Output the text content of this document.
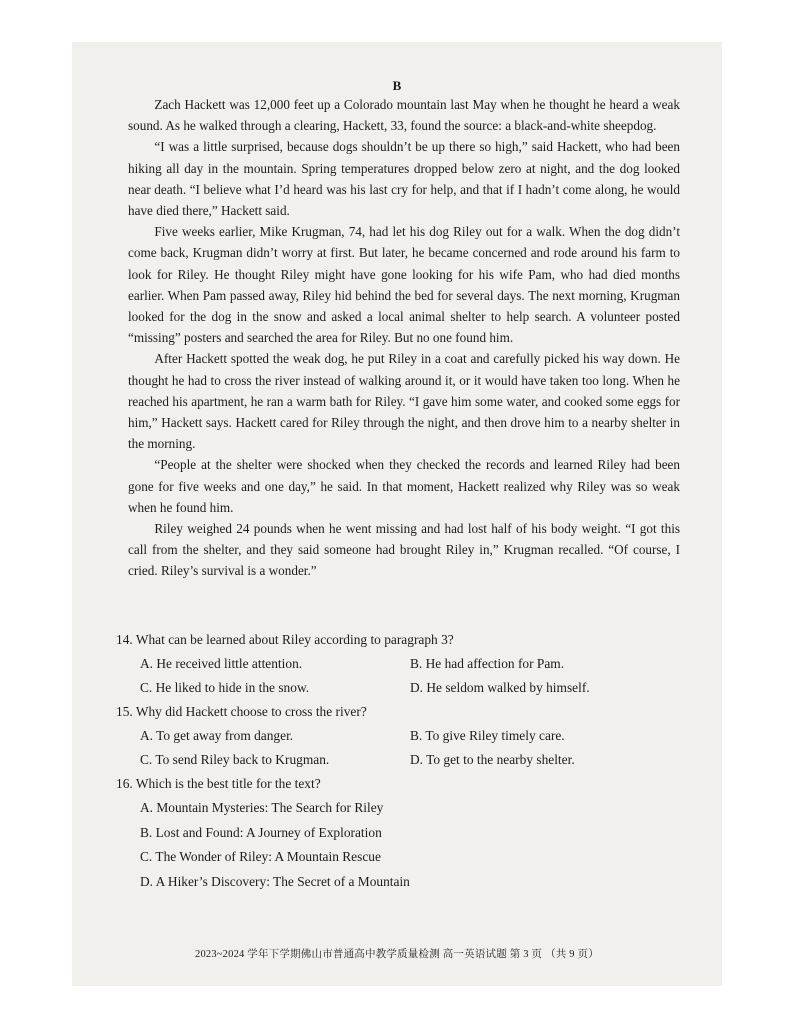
B

Zach Hackett was 12,000 feet up a Colorado mountain last May when he thought he heard a weak sound. As he walked through a clearing, Hackett, 33, found the source: a black-and-white sheepdog.

“I was a little surprised, because dogs shouldn’t be up there so high,” said Hackett, who had been hiking all day in the mountain. Spring temperatures dropped below zero at night, and the dog looked near death. “I believe what I’d heard was his last cry for help, and that if I hadn’t come along, he would have died there,” Hackett said.

Five weeks earlier, Mike Krugman, 74, had let his dog Riley out for a walk. When the dog didn’t come back, Krugman didn’t worry at first. But later, he became concerned and rode around his farm to look for Riley. He thought Riley might have gone looking for his wife Pam, who had died months earlier. When Pam passed away, Riley hid behind the bed for several days. The next morning, Krugman looked for the dog in the snow and asked a local animal shelter to help search. A volunteer posted “missing” posters and searched the area for Riley. But no one found him.

After Hackett spotted the weak dog, he put Riley in a coat and carefully picked his way down. He thought he had to cross the river instead of walking around it, or it would have taken too long. When he reached his apartment, he ran a warm bath for Riley. “I gave him some water, and cooked some eggs for him,” Hackett says. Hackett cared for Riley through the night, and then drove him to a nearby shelter in the morning.

“People at the shelter were shocked when they checked the records and learned Riley had been gone for five weeks and one day,” he said. In that moment, Hackett realized why Riley was so weak when he found him.

Riley weighed 24 pounds when he went missing and had lost half of his body weight. “I got this call from the shelter, and they said someone had brought Riley in,” Krugman recalled. “Of course, I cried. Riley’s survival is a wonder.”

14. What can be learned about Riley according to paragraph 3?
A. He received little attention.	B. He had affection for Pam.
C. He liked to hide in the snow.	D. He seldom walked by himself.
15. Why did Hackett choose to cross the river?
A. To get away from danger.	B. To give Riley timely care.
C. To send Riley back to Krugman.	D. To get to the nearby shelter.
16. Which is the best title for the text?
A. Mountain Mysteries: The Search for Riley
B. Lost and Found: A Journey of Exploration
C. The Wonder of Riley: A Mountain Rescue
D. A Hiker’s Discovery: The Secret of a Mountain
2023~2024 学年下学期佛山市普通高中教学质量检测 高一英语试题 第 3 页 （共 9 页）
